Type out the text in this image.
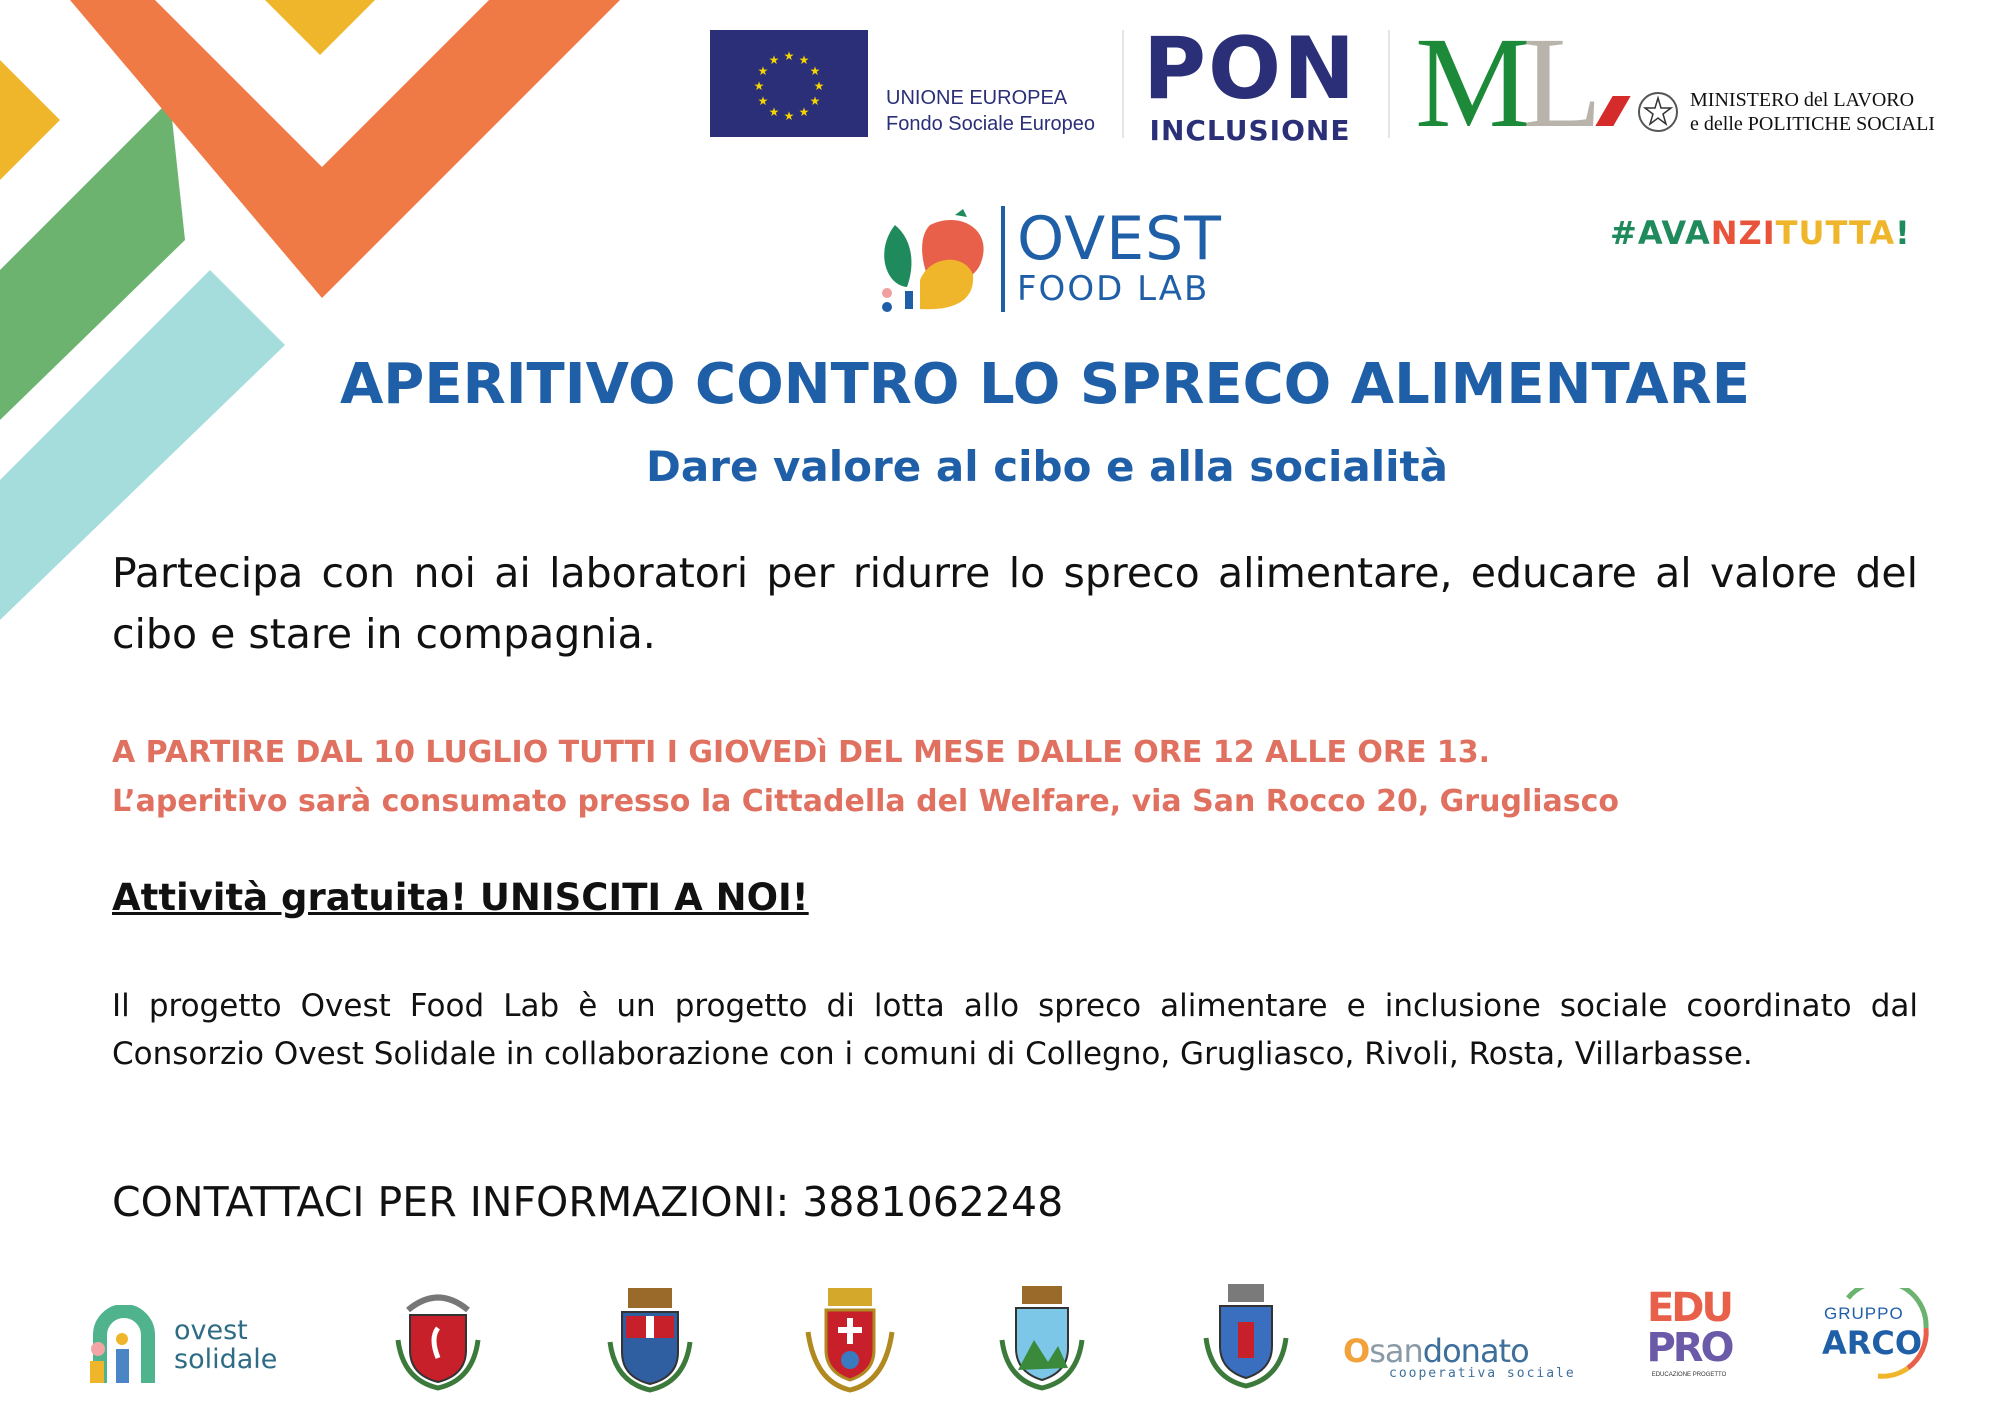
★ ★
★
★
★
★
★
★
★
★
★
★
UNIONE EUROPEA
Fondo Sociale Europeo
PON
INCLUSIONE ML	MINISTERO del LAVORO
e delle POLITICHE SOCIALI
#AVANZITUTTA!
OVEST
FOOD LAB
APERITIVO CONTRO LO SPRECO ALIMENTARE
Dare valore al cibo e alla socialità
Partecipa con noi ai laboratori per ridurre lo spreco alimentare, educare al valore del cibo e stare in compagnia.
A PARTIRE DAL 10 LUGLIO TUTTI I GIOVEDì DEL MESE DALLE ORE 12 ALLE ORE 13.
L’aperitivo sarà consumato presso la Cittadella del Welfare, via San Rocco 20, Grugliasco
Attività gratuita! UNISCITI A NOI!
Il progetto Ovest Food Lab è un progetto di lotta allo spreco alimentare e inclusione sociale coordinato dal Consorzio Ovest Solidale in collaborazione con i comuni di Collegno, Grugliasco, Rivoli, Rosta, Villarbasse.
CONTATTACI PER INFORMAZIONI: 3881062248
ovest
solidale	Osandonato
cooperativa sociale
EDU
PRO
EDUCAZIONE PROGETTO
GRUPPO
ARCO
